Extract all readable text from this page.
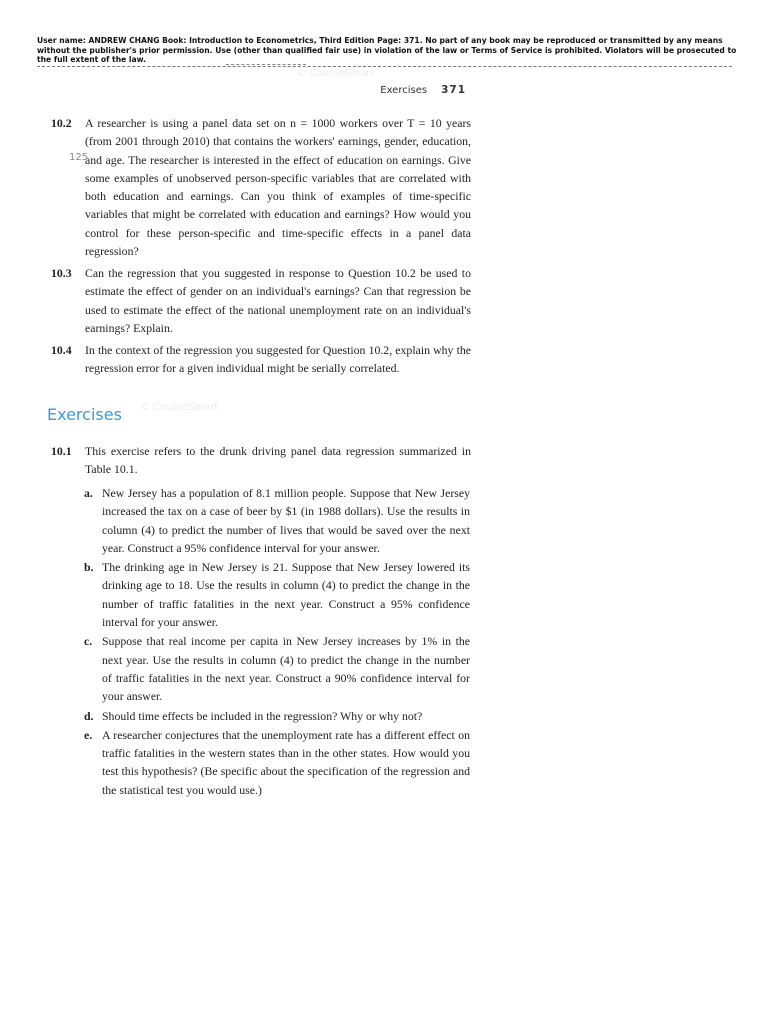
User name: ANDREW CHANG Book: Introduction to Econometrics, Third Edition Page: 371. No part of any book may be reproduced or transmitted by any means without the publisher's prior permission. Use (other than qualified fair use) in violation of the law or Terms of Service is prohibited. Violators will be prosecuted to the full extent of the law.
© CourseSmart
Exercises 371
10.2 A researcher is using a panel data set on n = 1000 workers over T = 10 years (from 2001 through 2010) that contains the workers' earnings, gender, education, and age. The researcher is interested in the effect of education on earnings. Give some examples of unobserved person-specific variables that are correlated with both education and earnings. Can you think of examples of time-specific variables that might be correlated with education and earnings? How would you control for these person-specific and time-specific effects in a panel data regression?
125
10.3 Can the regression that you suggested in response to Question 10.2 be used to estimate the effect of gender on an individual's earnings? Can that regression be used to estimate the effect of the national unemployment rate on an individual's earnings? Explain.
10.4 In the context of the regression you suggested for Question 10.2, explain why the regression error for a given individual might be serially correlated.
© CourseSmart
Exercises
10.1 This exercise refers to the drunk driving panel data regression summarized in Table 10.1.
a. New Jersey has a population of 8.1 million people. Suppose that New Jersey increased the tax on a case of beer by $1 (in 1988 dollars). Use the results in column (4) to predict the number of lives that would be saved over the next year. Construct a 95% confidence interval for your answer.
b. The drinking age in New Jersey is 21. Suppose that New Jersey lowered its drinking age to 18. Use the results in column (4) to predict the change in the number of traffic fatalities in the next year. Construct a 95% confidence interval for your answer.
c. Suppose that real income per capita in New Jersey increases by 1% in the next year. Use the results in column (4) to predict the change in the number of traffic fatalities in the next year. Construct a 90% confidence interval for your answer.
d. Should time effects be included in the regression? Why or why not?
e. A researcher conjectures that the unemployment rate has a different effect on traffic fatalities in the western states than in the other states. How would you test this hypothesis? (Be specific about the specification of the regression and the statistical test you would use.)
